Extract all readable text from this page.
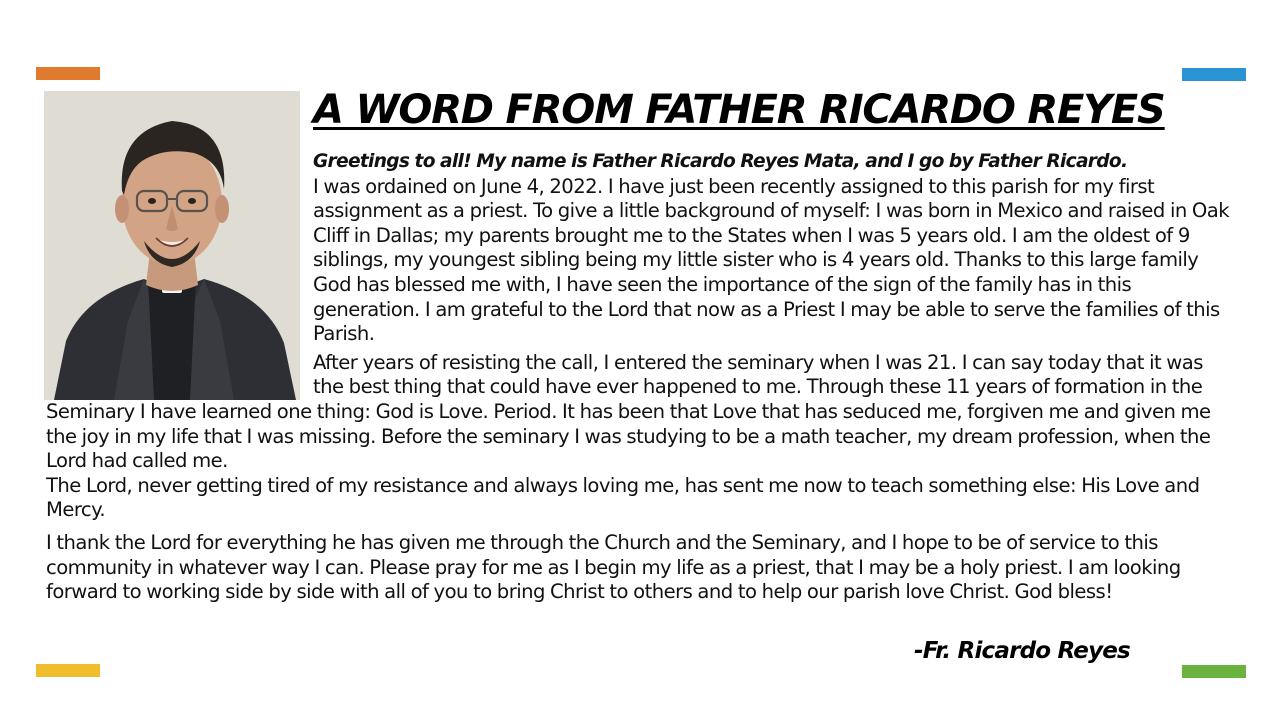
A WORD FROM FATHER RICARDO REYES

Greetings to all! My name is Father Ricardo Reyes Mata, and I go by Father Ricardo.
I was ordained on June 4, 2022. I have just been recently assigned to this parish for my first assignment as a priest. To give a little background of myself: I was born in Mexico and raised in Oak Cliff in Dallas; my parents brought me to the States when I was 5 years old. I am the oldest of 9 siblings, my youngest sibling being my little sister who is 4 years old. Thanks to this large family God has blessed me with, I have seen the importance of the sign of the family has in this generation. I am grateful to the Lord that now as a Priest I may be able to serve the families of this Parish.

After years of resisting the call, I entered the seminary when I was 21. I can say today that it was the best thing that could have ever happened to me. Through these 11 years of formation in the Seminary I have learned one thing: God is Love. Period. It has been that Love that has seduced me, forgiven me and given me the joy in my life that I was missing. Before the seminary I was studying to be a math teacher, my dream profession, when the Lord had called me.

The Lord, never getting tired of my resistance and always loving me, has sent me now to teach something else: His Love and Mercy.

I thank the Lord for everything he has given me through the Church and the Seminary, and I hope to be of service to this community in whatever way I can. Please pray for me as I begin my life as a priest, that I may be a holy priest. I am looking forward to working side by side with all of you to bring Christ to others and to help our parish love Christ. God bless!

-Fr. Ricardo Reyes
